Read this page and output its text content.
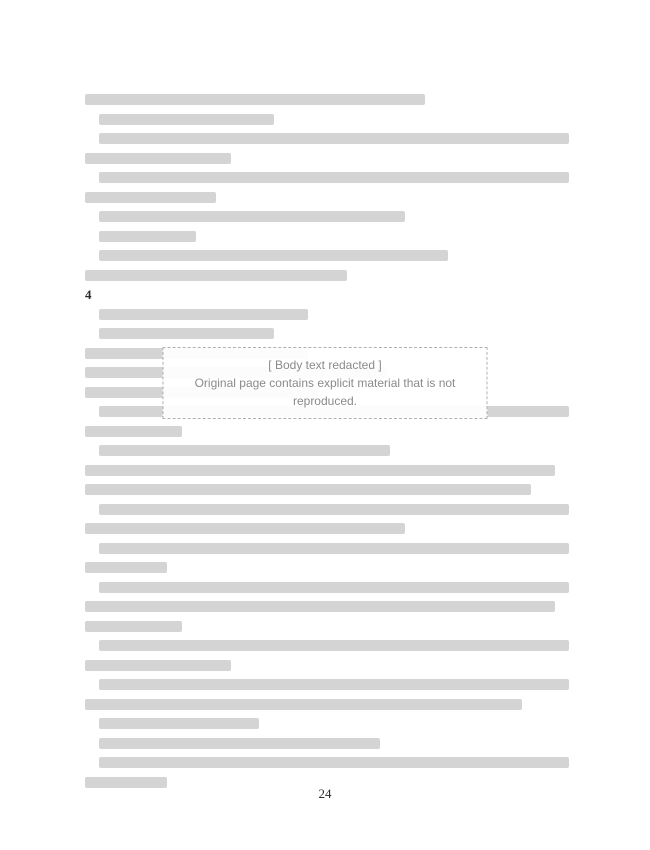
4
[ Body text redacted ]
Original page contains explicit material that is not reproduced.
24
